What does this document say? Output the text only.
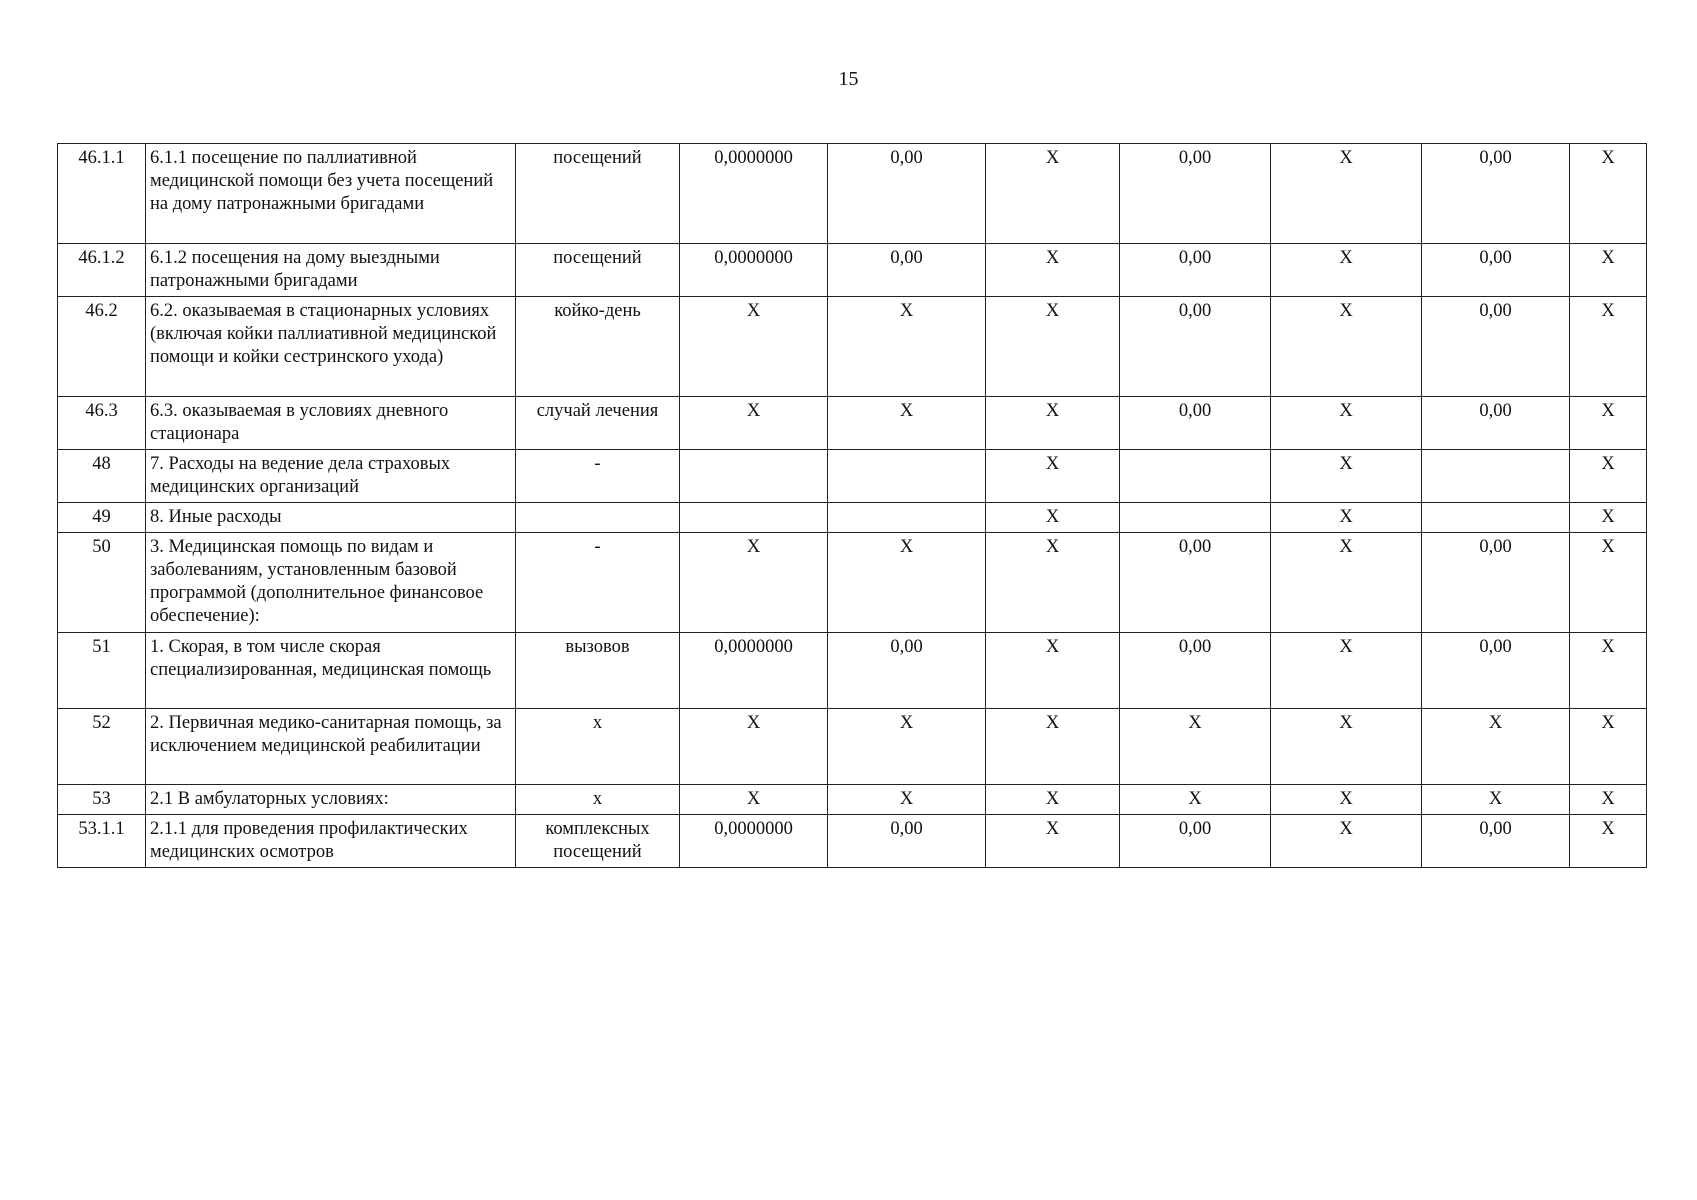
15
46.1.1	6.1.1 посещение по паллиативной медицинской помощи без учета посещений на дому патронажными бригадами	посещений	0,0000000	0,00	X	0,00	X	0,00	X
46.1.2	6.1.2 посещения на дому выездными патронажными бригадами	посещений	0,0000000	0,00	X	0,00	X	0,00	X
46.2	6.2. оказываемая в стационарных условиях (включая койки паллиативной медицинской помощи и койки сестринского ухода)	койко-день	X	X	X	0,00	X	0,00	X
46.3	6.3. оказываемая в условиях дневного стационара	случай лечения	X	X	X	0,00	X	0,00	X
48	7. Расходы на ведение дела страховых медицинских организаций	-			X		X		X
49	8. Иные расходы				X		X		X
50	3. Медицинская помощь по видам и заболеваниям, установленным базовой программой (дополнительное финансовое обеспечение):	-	X	X	X	0,00	X	0,00	X
51	1. Скорая, в том числе скорая специализированная, медицинская помощь	вызовов	0,0000000	0,00	X	0,00	X	0,00	X
52	2. Первичная медико-санитарная помощь, за исключением медицинской реабилитации	х	X	X	X	X	X	X	X
53	2.1 В амбулаторных условиях:	х	X	X	X	X	X	X	X
53.1.1	2.1.1 для проведения профилактических медицинских осмотров	комплексных посещений	0,0000000	0,00	X	0,00	X	0,00	X
